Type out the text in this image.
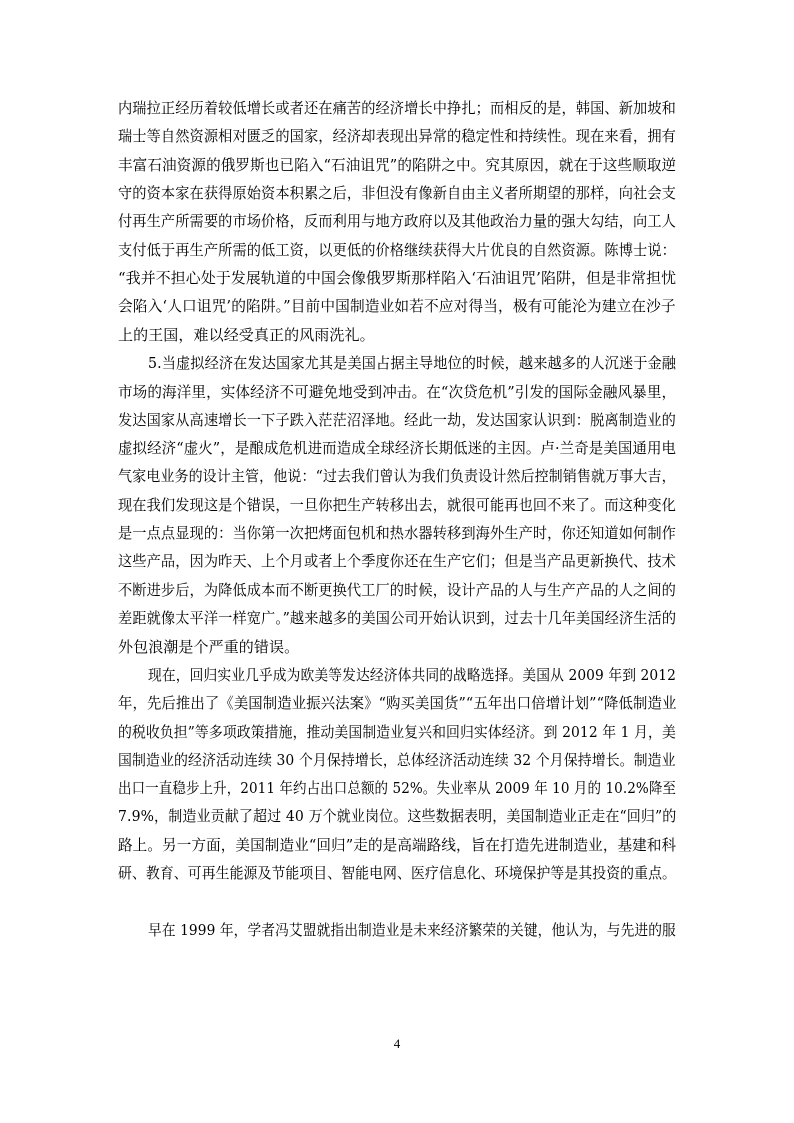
内瑞拉正经历着较低增长或者还在痛苦的经济增长中挣扎；而相反的是，韩国、新加坡和
瑞士等自然资源相对匮乏的国家，经济却表现出异常的稳定性和持续性。现在来看，拥有
丰富石油资源的俄罗斯也已陷入“石油诅咒”的陷阱之中。究其原因，就在于这些顺取逆
守的资本家在获得原始资本积累之后，非但没有像新自由主义者所期望的那样，向社会支
付再生产所需要的市场价格，反而利用与地方政府以及其他政治力量的强大勾结，向工人
支付低于再生产所需的低工资，以更低的价格继续获得大片优良的自然资源。陈博士说：
“我并不担心处于发展轨道的中国会像俄罗斯那样陷入‘石油诅咒’陷阱，但是非常担忧
会陷入‘人口诅咒’的陷阱。”目前中国制造业如若不应对得当，极有可能沦为建立在沙子
上的王国，难以经受真正的风雨洗礼。
5.当虚拟经济在发达国家尤其是美国占据主导地位的时候，越来越多的人沉迷于金融
市场的海洋里，实体经济不可避免地受到冲击。在“次贷危机”引发的国际金融风暴里，
发达国家从高速增长一下子跌入茫茫沼泽地。经此一劫，发达国家认识到：脱离制造业的
虚拟经济“虚火”，是酿成危机进而造成全球经济长期低迷的主因。卢·兰奇是美国通用电
气家电业务的设计主管，他说：“过去我们曾认为我们负责设计然后控制销售就万事大吉，
现在我们发现这是个错误，一旦你把生产转移出去，就很可能再也回不来了。而这种变化
是一点点显现的：当你第一次把烤面包机和热水器转移到海外生产时，你还知道如何制作
这些产品，因为昨天、上个月或者上个季度你还在生产它们；但是当产品更新换代、技术
不断进步后，为降低成本而不断更换代工厂的时候，设计产品的人与生产产品的人之间的
差距就像太平洋一样宽广。”越来越多的美国公司开始认识到，过去十几年美国经济生活的
外包浪潮是个严重的错误。
现在，回归实业几乎成为欧美等发达经济体共同的战略选择。美国从 2009 年到 2012
年，先后推出了《美国制造业振兴法案》“购买美国货”“五年出口倍增计划”“降低制造业
的税收负担”等多项政策措施，推动美国制造业复兴和回归实体经济。到 2012 年 1 月，美
国制造业的经济活动连续 30 个月保持增长，总体经济活动连续 32 个月保持增长。制造业
出口一直稳步上升，2011 年约占出口总额的 52%。失业率从 2009 年 10 月的 10.2%降至
7.9%，制造业贡献了超过 40 万个就业岗位。这些数据表明，美国制造业正走在“回归”的
路上。另一方面，美国制造业“回归”走的是高端路线，旨在打造先进制造业，基建和科
研、教育、可再生能源及节能项目、智能电网、医疗信息化、环境保护等是其投资的重点。
早在 1999 年，学者冯艾盟就指出制造业是未来经济繁荣的关键，他认为，与先进的服
4
